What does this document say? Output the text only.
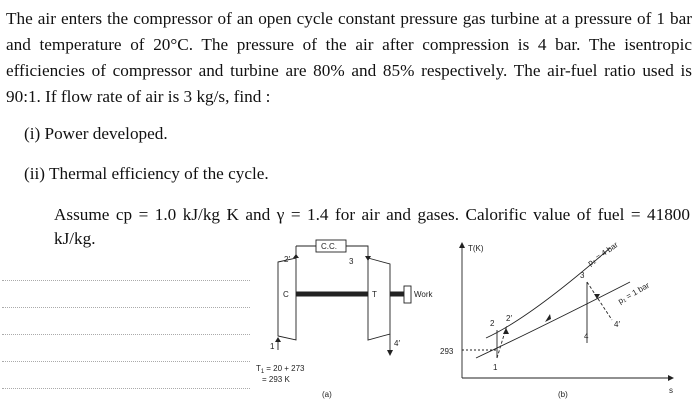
The air enters the compressor of an open cycle constant pressure gas turbine at a pressure of 1 bar and temperature of 20°C. The pressure of the air after compression is 4 bar. The isentropic efficiencies of compressor and turbine are 80% and 85% respectively. The air-fuel ratio used is 90:1. If flow rate of air is 3 kg/s, find :

(i) Power developed.

(ii) Thermal efficiency of the cycle.

Assume cp = 1.0 kJ/kg K and γ = 1.4 for air and gases. Calorific value of fuel = 41800 kJ/kg.	C.C.
C	T	Work
1
2′	3
4′
$T_1 = 20 + 273$
= 293 K
(a)
T(K)
s
293
1
2
2′
3
4
4′
p₂ = 4 bar
p₁ = 1 bar
(b)
